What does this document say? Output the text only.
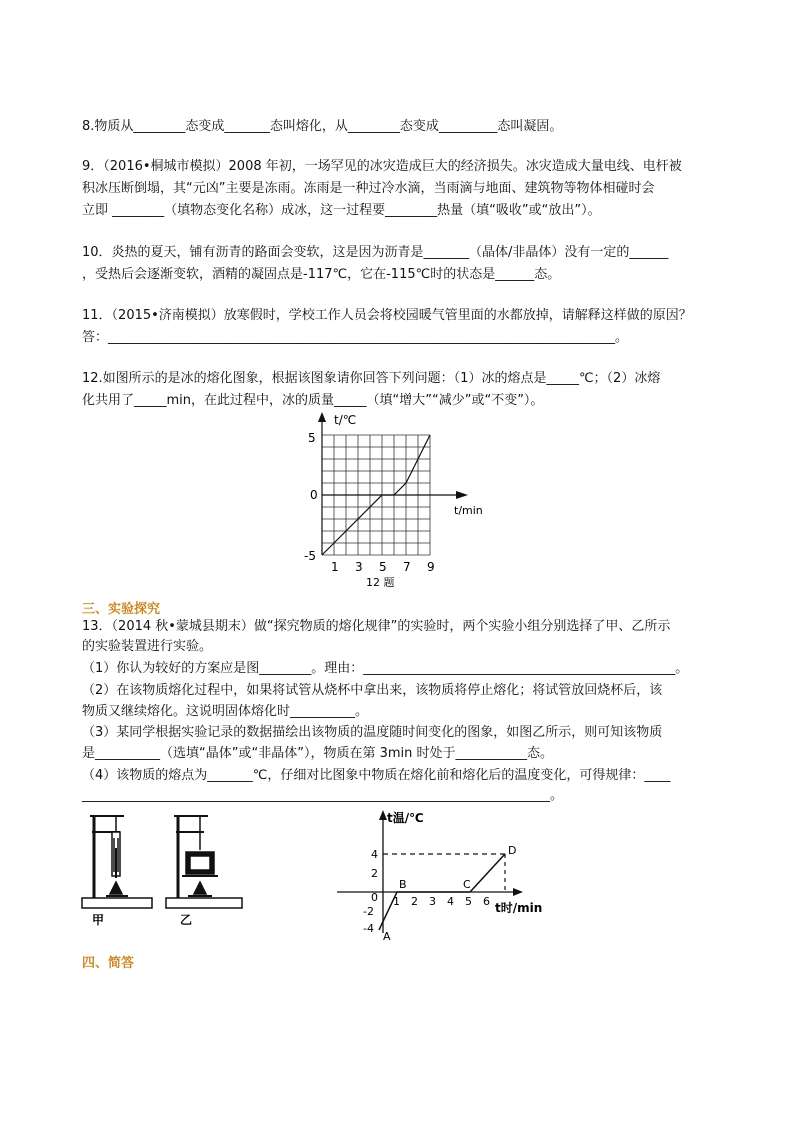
8.物质从________态变成_______态叫熔化，从________态变成_________态叫凝固。
9．（2016•桐城市模拟）2008 年初，一场罕见的冰灾造成巨大的经济损失。冰灾造成大量电线、电杆被
积冰压断倒塌，其“元凶”主要是冻雨。冻雨是一种过冷水滴，当雨滴与地面、建筑物等物体相碰时会
立即 ________（填物态变化名称）成冰，这一过程要________热量（填“吸收”或“放出”）。
10．炎热的夏天，铺有沥青的路面会变软，这是因为沥青是_______（晶体/非晶体）没有一定的______
，受热后会逐渐变软，酒精的凝固点是-117℃，它在-115℃时的状态是______态。
11．（2015•济南模拟）放寒假时，学校工作人员会将校园暖气管里面的水都放掉，请解释这样做的原因？
答：______________________________________________________________________________。
12.如图所示的是冰的熔化图象，根据该图象请你回答下列问题：（1）冰的熔点是_____℃；（2）冰熔
化共用了_____min，在此过程中，冰的质量_____（填“增大”“减少”或“不变”）。
t/℃
5
0
-5
t/min
1 3 5 7 9
12 题
三、实验探究
13．（2014 秋•蒙城县期末）做“探究物质的熔化规律”的实验时，两个实验小组分别选择了甲、乙所示
的实验装置进行实验。
（1）你认为较好的方案应是图________。理由：________________________________________________。
（2）在该物质熔化过程中，如果将试管从烧杯中拿出来，该物质将停止熔化；将试管放回烧杯后，该
物质又继续熔化。这说明固体熔化时__________。
（3）某同学根据实验记录的数据描绘出该物质的温度随时间变化的图象，如图乙所示，则可知该物质
是__________（选填“晶体”或“非晶体”），物质在第 3min 时处于___________态。
（4）该物质的熔点为_______℃，仔细对比图象中物质在熔化前和熔化后的温度变化，可得规律：____
________________________________________________________________________。
甲	乙
t温/℃
4
2
0
-2
-4
1 2 3 4 5 6 t时/min
A
B	C
D
四、简答
